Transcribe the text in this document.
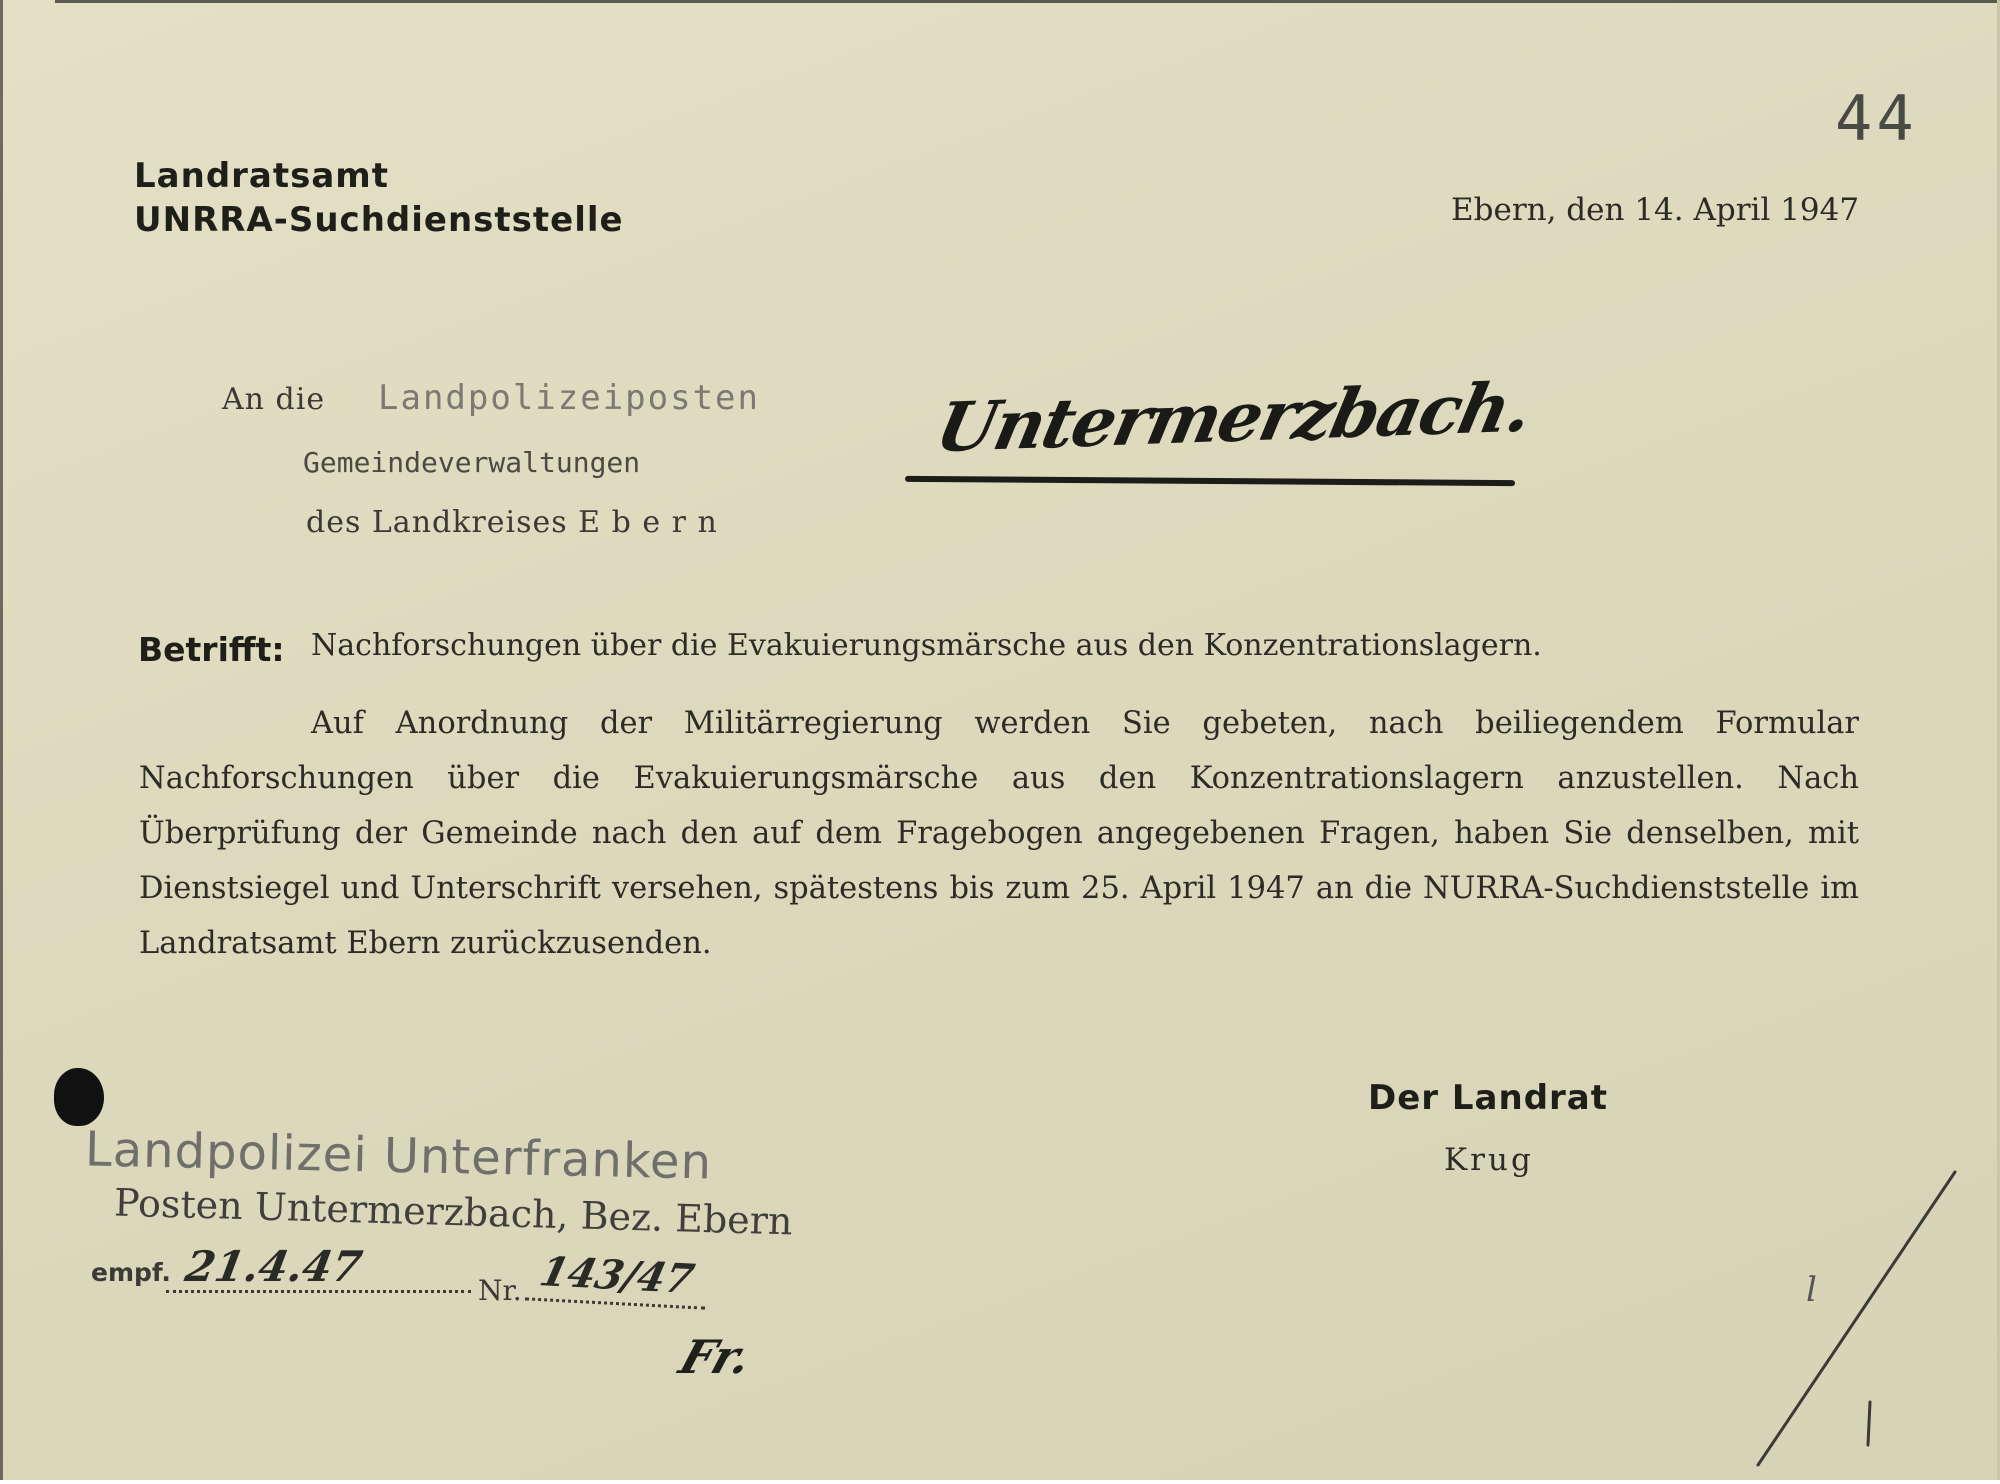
44
Landratsamt
UNRRA-Suchdienststelle	Ebern, den 14. April 1947
An die Landpolizeiposten
Gemeindeverwaltungen
des Landkreises E b e r n
Untermerzbach.
Betrifft: Nachforschungen über die Evakuierungsmärsche aus den Konzentrationslagern.
Auf Anordnung der Militärregierung werden Sie gebeten, nach beiliegendem Formular Nachforschungen über die Evakuierungsmärsche aus den Konzentrationslagern anzustellen. Nach Überprüfung der Gemeinde nach den auf dem Fragebogen angegebenen Fragen, haben Sie denselben, mit Dienstsiegel und Unterschrift versehen, spätestens bis zum 25. April 1947 an die NURRA-Suchdienststelle im Landratsamt Ebern zurückzusenden.
Der Landrat
Krug
Landpolizei Unterfranken
Posten Untermerzbach, Bez. Ebern
empf. 21.4.47	Nr. 143/47
Fr.
l
